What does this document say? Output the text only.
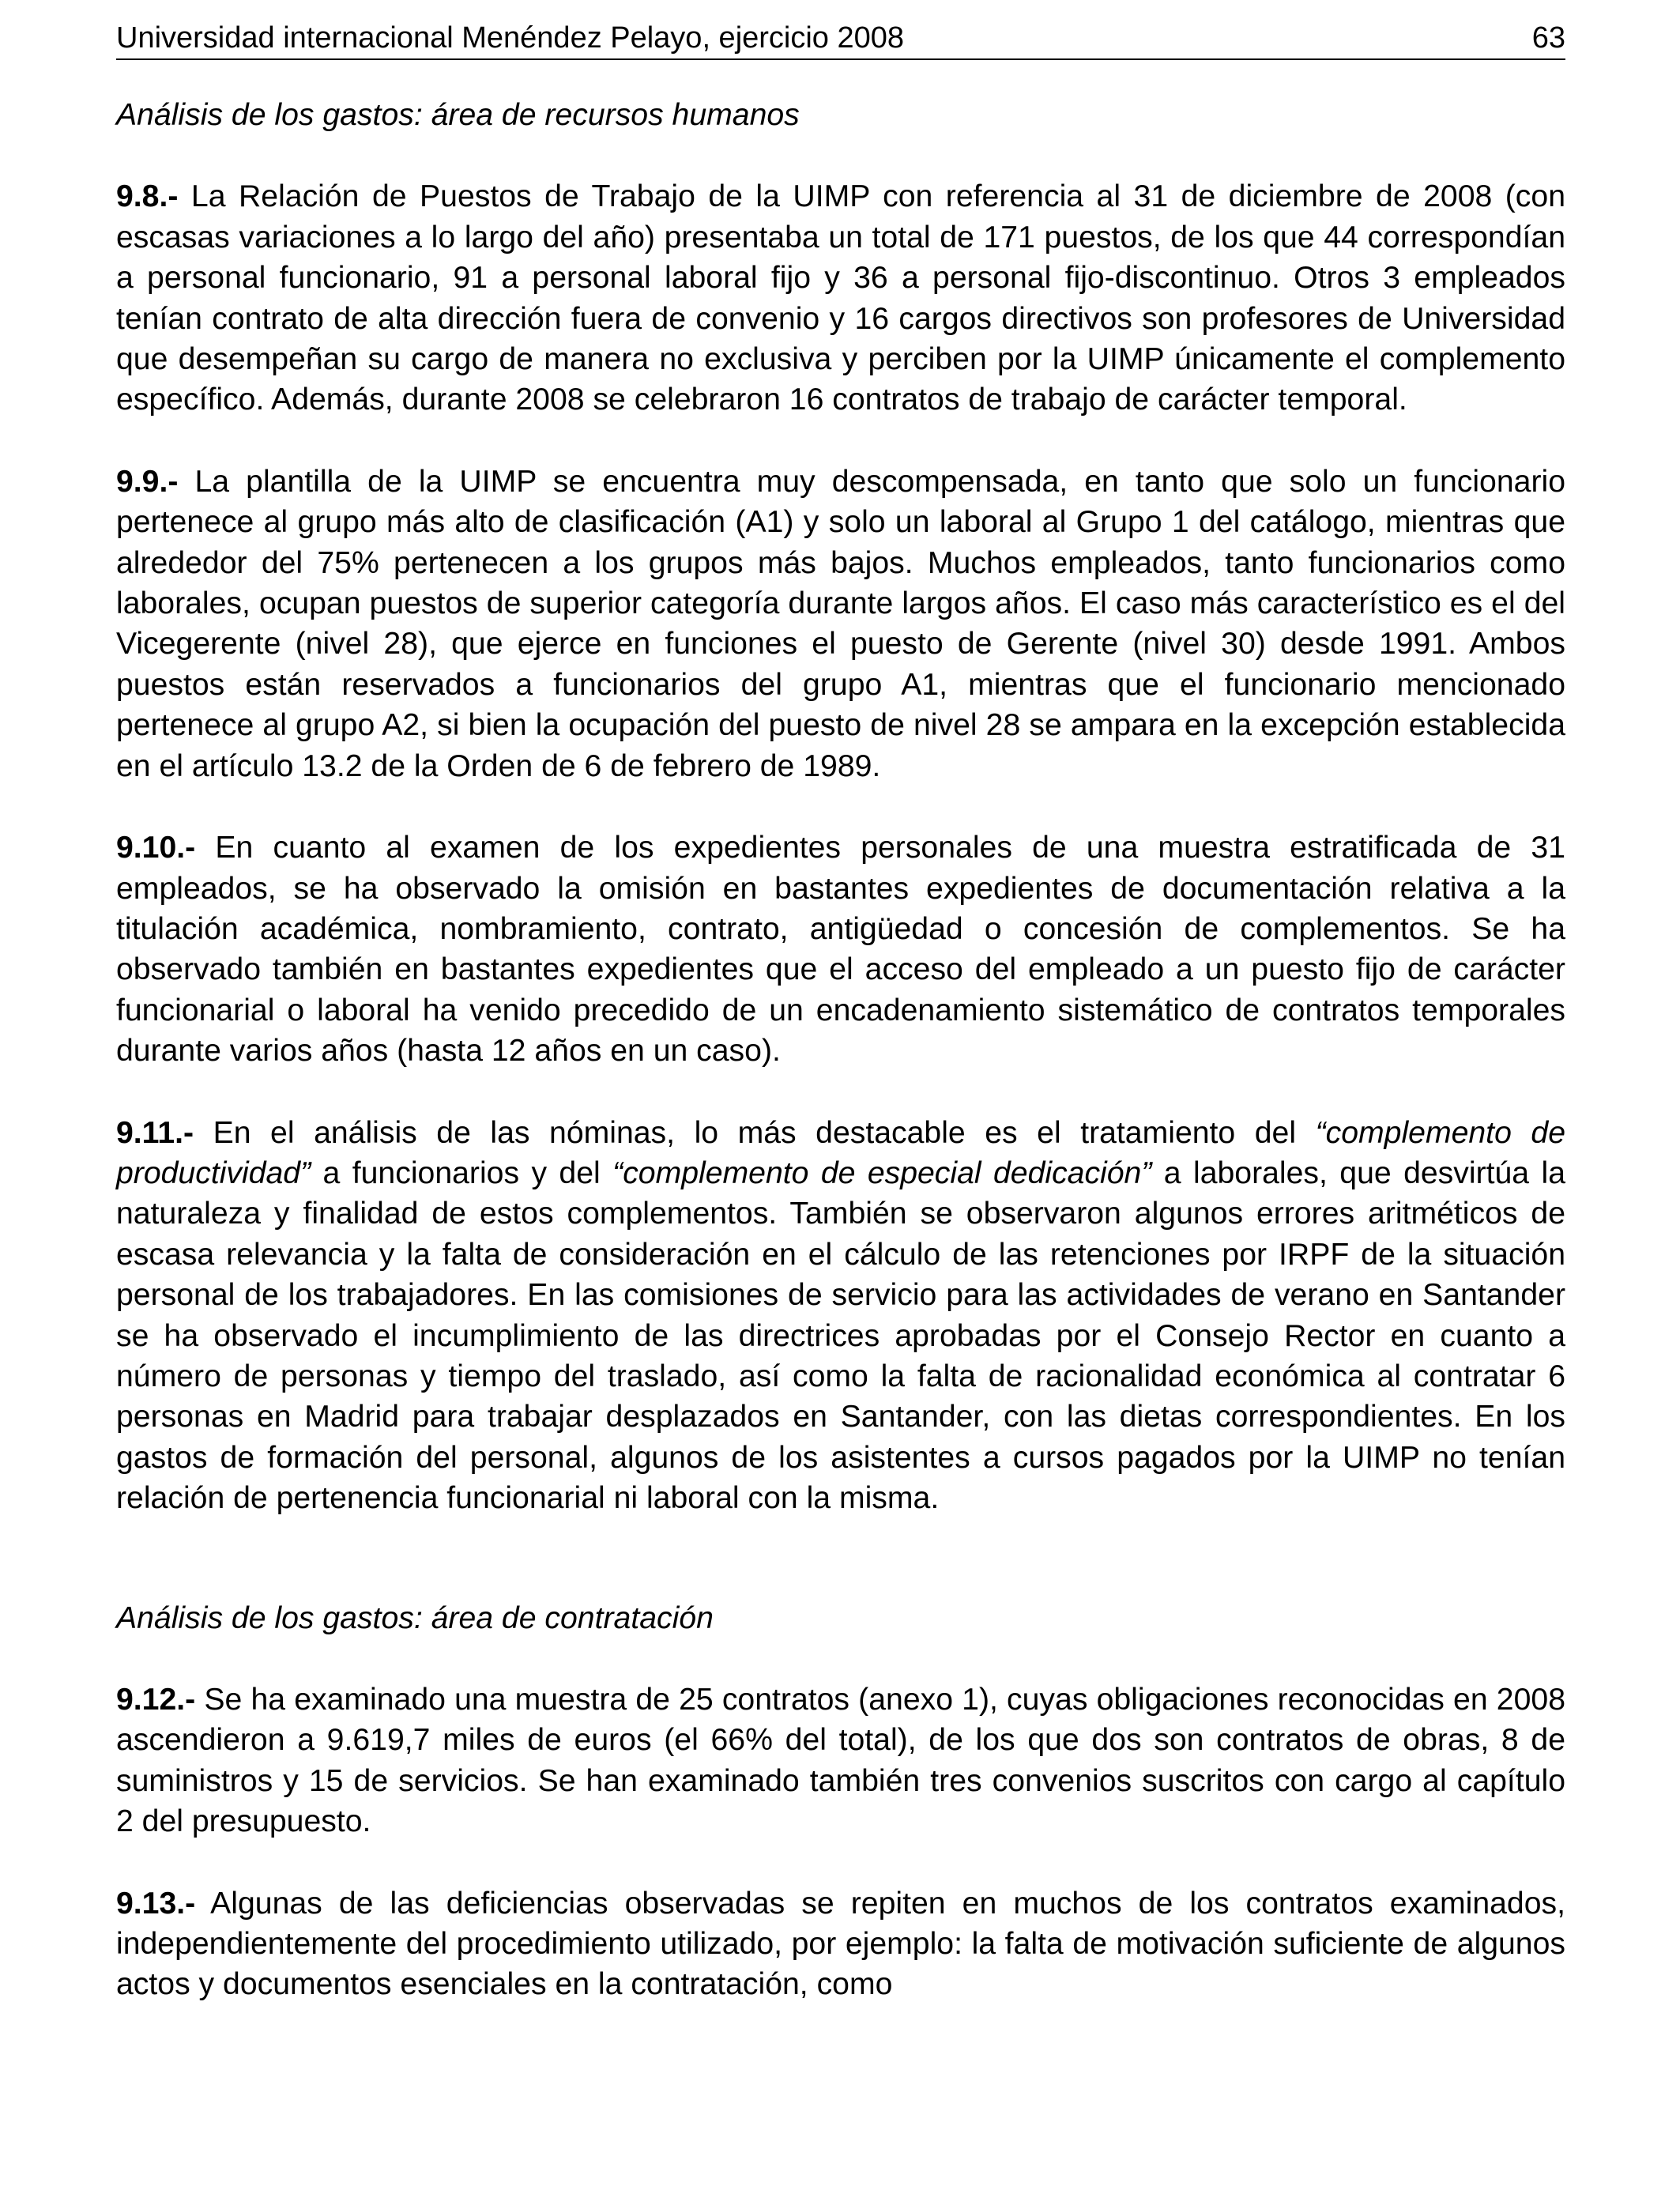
Universidad internacional Menéndez Pelayo, ejercicio 2008	63

Análisis de los gastos: área de recursos humanos

9.8.- La Relación de Puestos de Trabajo de la UIMP con referencia al 31 de diciembre de 2008 (con escasas variaciones a lo largo del año) presentaba un total de 171 puestos, de los que 44 correspondían a personal funcionario, 91 a personal laboral fijo y 36 a personal fijo-discontinuo. Otros 3 empleados tenían contrato de alta dirección fuera de convenio y 16 cargos directivos son profesores de Universidad que desempeñan su cargo de manera no exclusiva y perciben por la UIMP únicamente el complemento específico. Además, durante 2008 se celebraron 16 contratos de trabajo de carácter temporal.

9.9.- La plantilla de la UIMP se encuentra muy descompensada, en tanto que solo un funcionario pertenece al grupo más alto de clasificación (A1) y solo un laboral al Grupo 1 del catálogo, mientras que alrededor del 75% pertenecen a los grupos más bajos. Muchos empleados, tanto funcionarios como laborales, ocupan puestos de superior categoría durante largos años. El caso más característico es el del Vicegerente (nivel 28), que ejerce en funciones el puesto de Gerente (nivel 30) desde 1991. Ambos puestos están reservados a funcionarios del grupo A1, mientras que el funcionario mencionado pertenece al grupo A2, si bien la ocupación del puesto de nivel 28 se ampara en la excepción establecida en el artículo 13.2 de la Orden de 6 de febrero de 1989.

9.10.- En cuanto al examen de los expedientes personales de una muestra estratificada de 31 empleados, se ha observado la omisión en bastantes expedientes de documentación relativa a la titulación académica, nombramiento, contrato, antigüedad o concesión de complementos. Se ha observado también en bastantes expedientes que el acceso del empleado a un puesto fijo de carácter funcionarial o laboral ha venido precedido de un encadenamiento sistemático de contratos temporales durante varios años (hasta 12 años en un caso).

9.11.- En el análisis de las nóminas, lo más destacable es el tratamiento del “complemento de productividad” a funcionarios y del “complemento de especial dedicación” a laborales, que desvirtúa la naturaleza y finalidad de estos complementos. También se observaron algunos errores aritméticos de escasa relevancia y la falta de consideración en el cálculo de las retenciones por IRPF de la situación personal de los trabajadores. En las comisiones de servicio para las actividades de verano en Santander se ha observado el incumplimiento de las directrices aprobadas por el Consejo Rector en cuanto a número de personas y tiempo del traslado, así como la falta de racionalidad económica al contratar 6 personas en Madrid para trabajar desplazados en Santander, con las dietas correspondientes. En los gastos de formación del personal, algunos de los asistentes a cursos pagados por la UIMP no tenían relación de pertenencia funcionarial ni laboral con la misma.

Análisis de los gastos: área de contratación

9.12.- Se ha examinado una muestra de 25 contratos (anexo 1), cuyas obligaciones reconocidas en 2008 ascendieron a 9.619,7 miles de euros (el 66% del total), de los que dos son contratos de obras, 8 de suministros y 15 de servicios. Se han examinado también tres convenios suscritos con cargo al capítulo 2 del presupuesto.

9.13.- Algunas de las deficiencias observadas se repiten en muchos de los contratos examinados, independientemente del procedimiento utilizado, por ejemplo: la falta de motivación suficiente de algunos actos y documentos esenciales en la contratación, como
